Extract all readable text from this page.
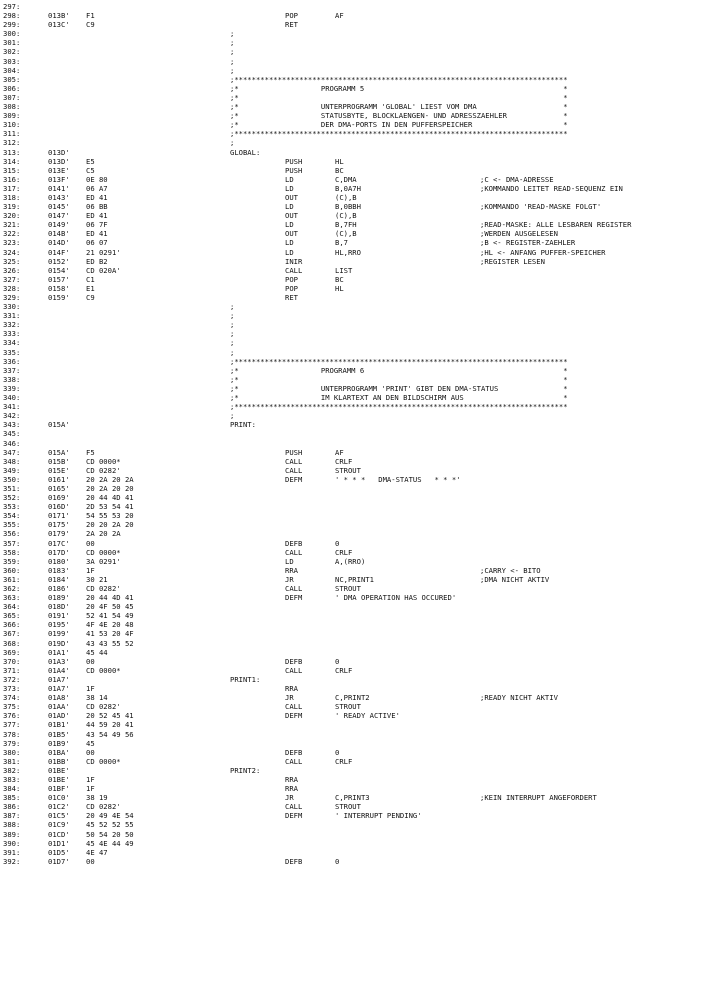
297:
298:	013B' F1	POP	AF
299:	013C' C9	RET
300:	;
301:	;
302:	;
303:	;
304:	;
305:	;*****************************************************************************
306:	;*                   PROGRAMM 5                                              *
307:	;*                                                                           *
308:	;*                   UNTERPROGRAMM 'GLOBAL' LIEST VOM DMA                    *
309:	;*                   STATUSBYTE, BLOCKLAENGEN- UND ADRESSZAEHLER             *
310:	;*                   DER DMA-PORTS IN DEN PUFFERSPEICHER                     *
311:	;*****************************************************************************
312:	;
313:	013D'	GLOBAL:
314:	013D' E5	PUSH	HL
315:	013E' C5	PUSH	BC
316:	013F' 0E 80	LD	C,DMA	;C <- DMA-ADRESSE
317:	0141' 06 A7	LD	B,0A7H	;KOMMANDO LEITET READ-SEQUENZ EIN
318:	0143' ED 41	OUT	(C),B
319:	0145' 06 BB	LD	B,0BBH	;KOMMANDO 'READ-MASKE FOLGT'
320:	0147' ED 41	OUT	(C),B
321:	0149' 06 7F	LD	B,7FH	;READ-MASKE: ALLE LESBAREN REGISTER
322:	014B' ED 41	OUT	(C),B	;WERDEN AUSGELESEN
323:	014D' 06 07	LD	B,7	;B <- REGISTER-ZAEHLER
324:	014F' 21 0291'	LD	HL,RRO	;HL <- ANFANG PUFFER-SPEICHER
325:	0152' ED B2	INIR	;REGISTER LESEN
326:	0154' CD 020A'	CALL	LIST
327:	0157' C1	POP	BC
328:	0158' E1	POP	HL
329:	0159' C9	RET
330:	;
331:	;
332:	;
333:	;
334:	;
335:	;
336:	;*****************************************************************************
337:	;*                   PROGRAMM 6                                              *
338:	;*                                                                           *
339:	;*                   UNTERPROGRAMM 'PRINT' GIBT DEN DMA-STATUS               *
340:	;*                   IM KLARTEXT AN DEN BILDSCHIRM AUS                       *
341:	;*****************************************************************************
342:	;
343:	015A'	PRINT:
345:
346:
347:	015A' F5	PUSH	AF
348:	015B' CD 0000*	CALL	CRLF
349:	015E' CD 0282'	CALL	STROUT
350:	0161' 20 2A 20 2A	DEFM	' * * *   DMA-STATUS   * * *'
351:	0165' 20 2A 20 20
352:	0169' 20 44 4D 41
353:	016D' 2D 53 54 41
354:	0171' 54 55 53 20
355:	0175' 20 20 2A 20
356:	0179' 2A 20 2A
357:	017C' 00	DEFB	0
358:	017D' CD 0000*	CALL	CRLF
359:	0180' 3A 0291'	LD	A,(RRO)
360:	0183' 1F	RRA	;CARRY <- BITO
361:	0184' 30 21	JR	NC,PRINT1	;DMA NICHT AKTIV
362:	0186' CD 0282'	CALL	STROUT
363:	0189' 20 44 4D 41	DEFM	' DMA OPERATION HAS OCCURED'
364:	018D' 20 4F 50 45
365:	0191' 52 41 54 49
366:	0195' 4F 4E 20 48
367:	0199' 41 53 20 4F
368:	019D' 43 43 55 52
369:	01A1' 45 44
370:	01A3' 00	DEFB	0
371:	01A4' CD 0000*	CALL	CRLF
372:	01A7'	PRINT1:
373:	01A7' 1F	RRA
374:	01A8' 38 14	JR	C,PRINT2	;READY NICHT AKTIV
375:	01AA' CD 0282'	CALL	STROUT
376:	01AD' 20 52 45 41	DEFM	' READY ACTIVE'
377:	01B1' 44 59 20 41
378:	01B5' 43 54 49 56
379:	01B9' 45
380:	01BA' 00	DEFB	0
381:	01BB' CD 0000*	CALL	CRLF
382:	01BE'	PRINT2:
383:	01BE' 1F	RRA
384:	01BF' 1F	RRA
385:	01C0' 38 19	JR	C,PRINT3	;KEIN INTERRUPT ANGEFORDERT
386:	01C2' CD 0282'	CALL	STROUT
387:	01C5' 20 49 4E 54	DEFM	' INTERRUPT PENDING'
388:	01C9' 45 52 52 55
389:	01CD' 50 54 20 50
390:	01D1' 45 4E 44 49
391:	01D5' 4E 47
392:	01D7' 00	DEFB	0
